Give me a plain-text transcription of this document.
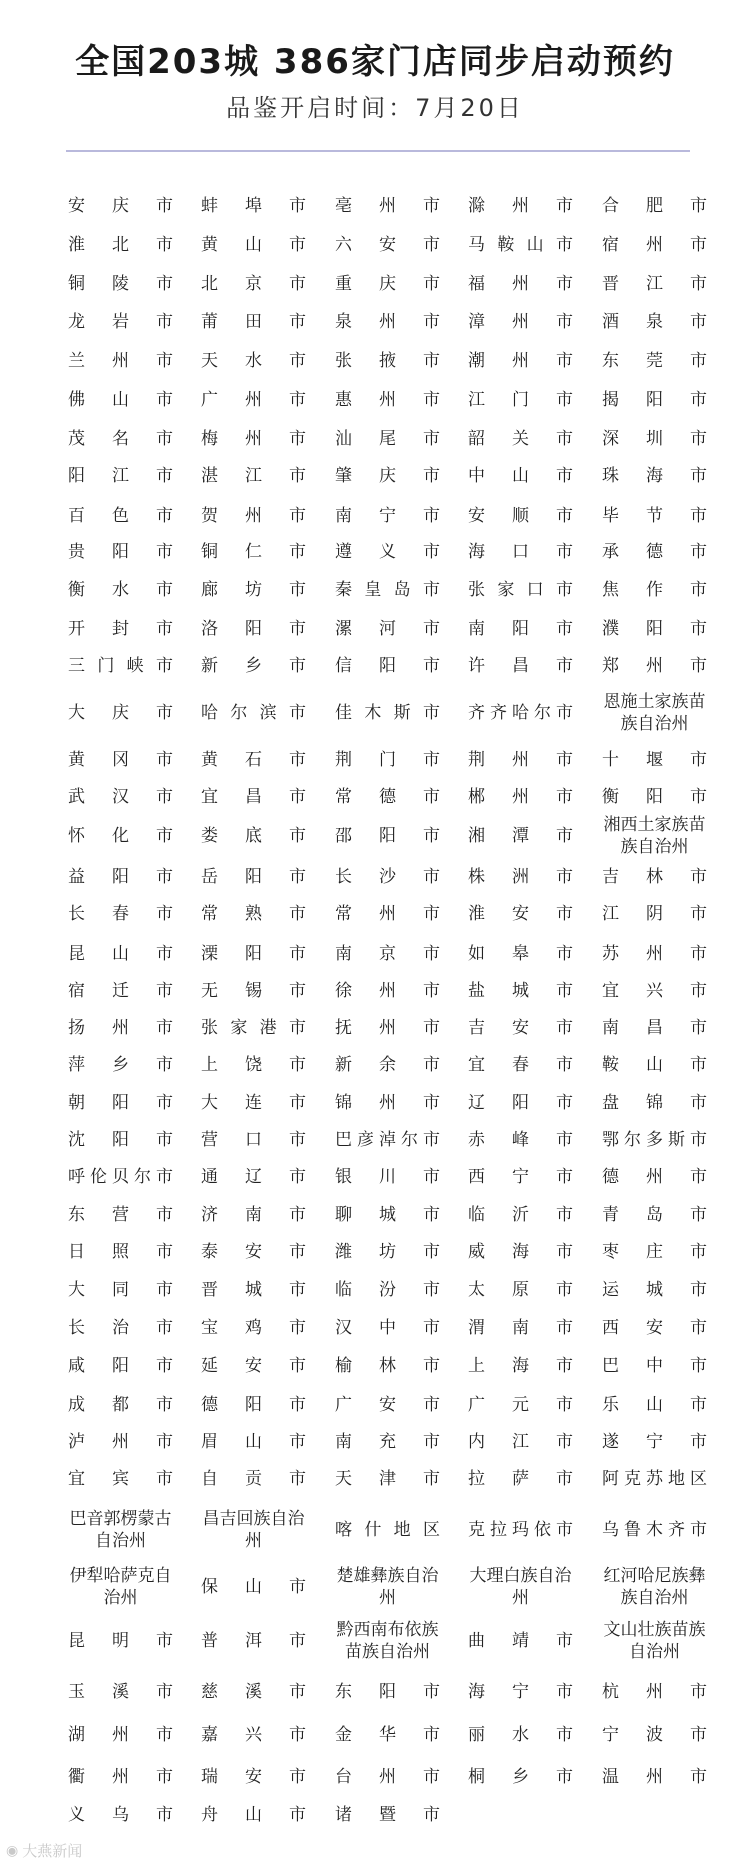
全国203城 386家门店同步启动预约
品鉴开启时间：7月20日
安 庆 市 蚌 埠 市 亳 州 市 滁 州 市 合 肥 市
淮 北 市 黄 山 市 六 安 市 马鞍山市 宿 州 市
铜 陵 市 北 京 市 重 庆 市 福 州 市 晋 江 市
龙 岩 市 莆 田 市 泉 州 市 漳 州 市 酒 泉 市
兰 州 市 天 水 市 张 掖 市 潮 州 市 东 莞 市
佛 山 市 广 州 市 惠 州 市 江 门 市 揭 阳 市
茂 名 市 梅 州 市 汕 尾 市 韶 关 市 深 圳 市
阳 江 市 湛 江 市 肇 庆 市 中 山 市 珠 海 市
百 色 市 贺 州 市 南 宁 市 安 顺 市 毕 节 市
贵 阳 市 铜 仁 市 遵 义 市 海 口 市 承 德 市
衡 水 市 廊 坊 市 秦皇岛市 张家口市 焦 作 市
开 封 市 洛 阳 市 漯 河 市 南 阳 市 濮 阳 市
三门峡市 新 乡 市 信 阳 市 许 昌 市 郑 州 市
大 庆 市 哈尔滨市 佳木斯市 齐齐哈尔市
恩施土家族苗族自治州
黄 冈 市 黄 石 市 荆 门 市 荆 州 市 十 堰 市
武 汉 市 宜 昌 市 常 德 市 郴 州 市 衡 阳 市
怀 化 市 娄 底 市 邵 阳 市 湘 潭 市
湘西土家族苗族自治州
益 阳 市 岳 阳 市 长 沙 市 株 洲 市 吉 林 市
长 春 市 常 熟 市 常 州 市 淮 安 市 江 阴 市
昆 山 市 溧 阳 市 南 京 市 如 皋 市 苏 州 市
宿 迁 市 无 锡 市 徐 州 市 盐 城 市 宜 兴 市
扬 州 市 张家港市 抚 州 市 吉 安 市 南 昌 市
萍 乡 市 上 饶 市 新 余 市 宜 春 市 鞍 山 市
朝 阳 市 大 连 市 锦 州 市 辽 阳 市 盘 锦 市
沈 阳 市 营 口 市 巴彦淖尔市 赤 峰 市 鄂尔多斯市
呼伦贝尔市 通 辽 市 银 川 市 西 宁 市 德 州 市
东 营 市 济 南 市 聊 城 市 临 沂 市 青 岛 市
日 照 市 泰 安 市 潍 坊 市 威 海 市 枣 庄 市
大 同 市 晋 城 市 临 汾 市 太 原 市 运 城 市
长 治 市 宝 鸡 市 汉 中 市 渭 南 市 西 安 市
咸 阳 市 延 安 市 榆 林 市 上 海 市 巴 中 市
成 都 市 德 阳 市 广 安 市 广 元 市 乐 山 市
泸 州 市 眉 山 市 南 充 市 内 江 市 遂 宁 市
宜 宾 市 自 贡 市 天 津 市 拉 萨 市 阿克苏地区
巴音郭楞蒙古自治州
昌吉回族自治州
喀什地区 克拉玛依市 乌鲁木齐市
伊犁哈萨克自治州
保 山 市
楚雄彝族自治州
大理白族自治州
红河哈尼族彝族自治州
昆 明 市 普 洱 市
黔西南布依族苗族自治州
曲 靖 市
文山壮族苗族自治州
玉 溪 市 慈 溪 市 东 阳 市 海 宁 市 杭 州 市
湖 州 市 嘉 兴 市 金 华 市 丽 水 市 宁 波 市
衢 州 市 瑞 安 市 台 州 市 桐 乡 市 温 州 市
义 乌 市 舟 山 市 诸 暨 市
◉ 大燕新闻
